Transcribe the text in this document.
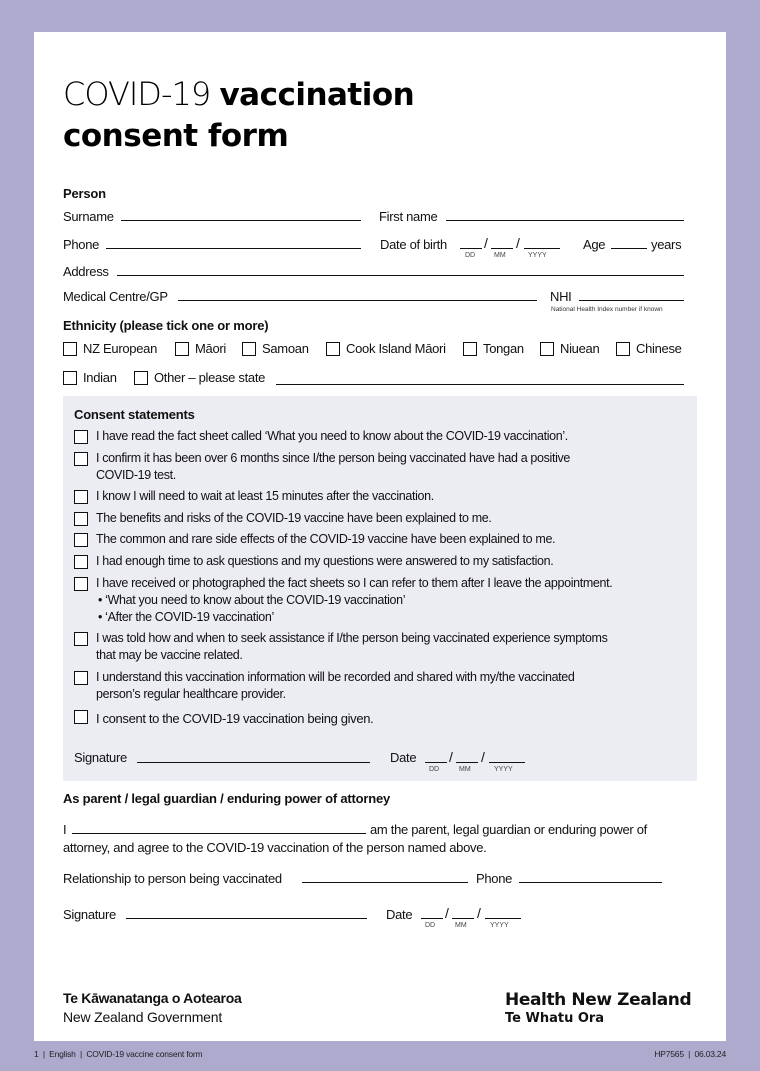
COVID-19 vaccination
consent form
Person
Surname	First name
Phone	Date of birth	/ /
DD	MM	YYYY
Age	years
Address
Medical Centre/GP	NHI
National Health Index number if known
Ethnicity (please tick one or more)
NZ European	Māori	Samoan	Cook Island Māori	Tongan	Niuean	Chinese
Indian	Other – please state
Consent statements
I have read the fact sheet called ‘What you need to know about the COVID-19 vaccination’.
I confirm it has been over 6 months since I/the person being vaccinated have had a positive
COVID-19 test.
I know I will need to wait at least 15 minutes after the vaccination.
The benefits and risks of the COVID-19 vaccine have been explained to me.
The common and rare side effects of the COVID-19 vaccine have been explained to me.
I had enough time to ask questions and my questions were answered to my satisfaction.
I have received or photographed the fact sheets so I can refer to them after I leave the appointment.
• ‘What you need to know about the COVID-19 vaccination’
• ‘After the COVID-19 vaccination’
I was told how and when to seek assistance if I/the person being vaccinated experience symptoms
that may be vaccine related.
I understand this vaccination information will be recorded and shared with my/the vaccinated
person’s regular healthcare provider.
I consent to the COVID-19 vaccination being given.
Signature	Date / /
DD	MM	YYYY
As parent / legal guardian / enduring power of attorney
I	am the parent, legal guardian or enduring power of
attorney, and agree to the COVID-19 vaccination of the person named above.
Relationship to person being vaccinated	Phone
Signature	Date / /
DD	MM	YYYY
Te Kāwanatanga o Aotearoa
New Zealand Government
Health New Zealand
Te Whatu Ora
1  |  English  |  COVID-19 vaccine consent form	HP7565  |  06.03.24
